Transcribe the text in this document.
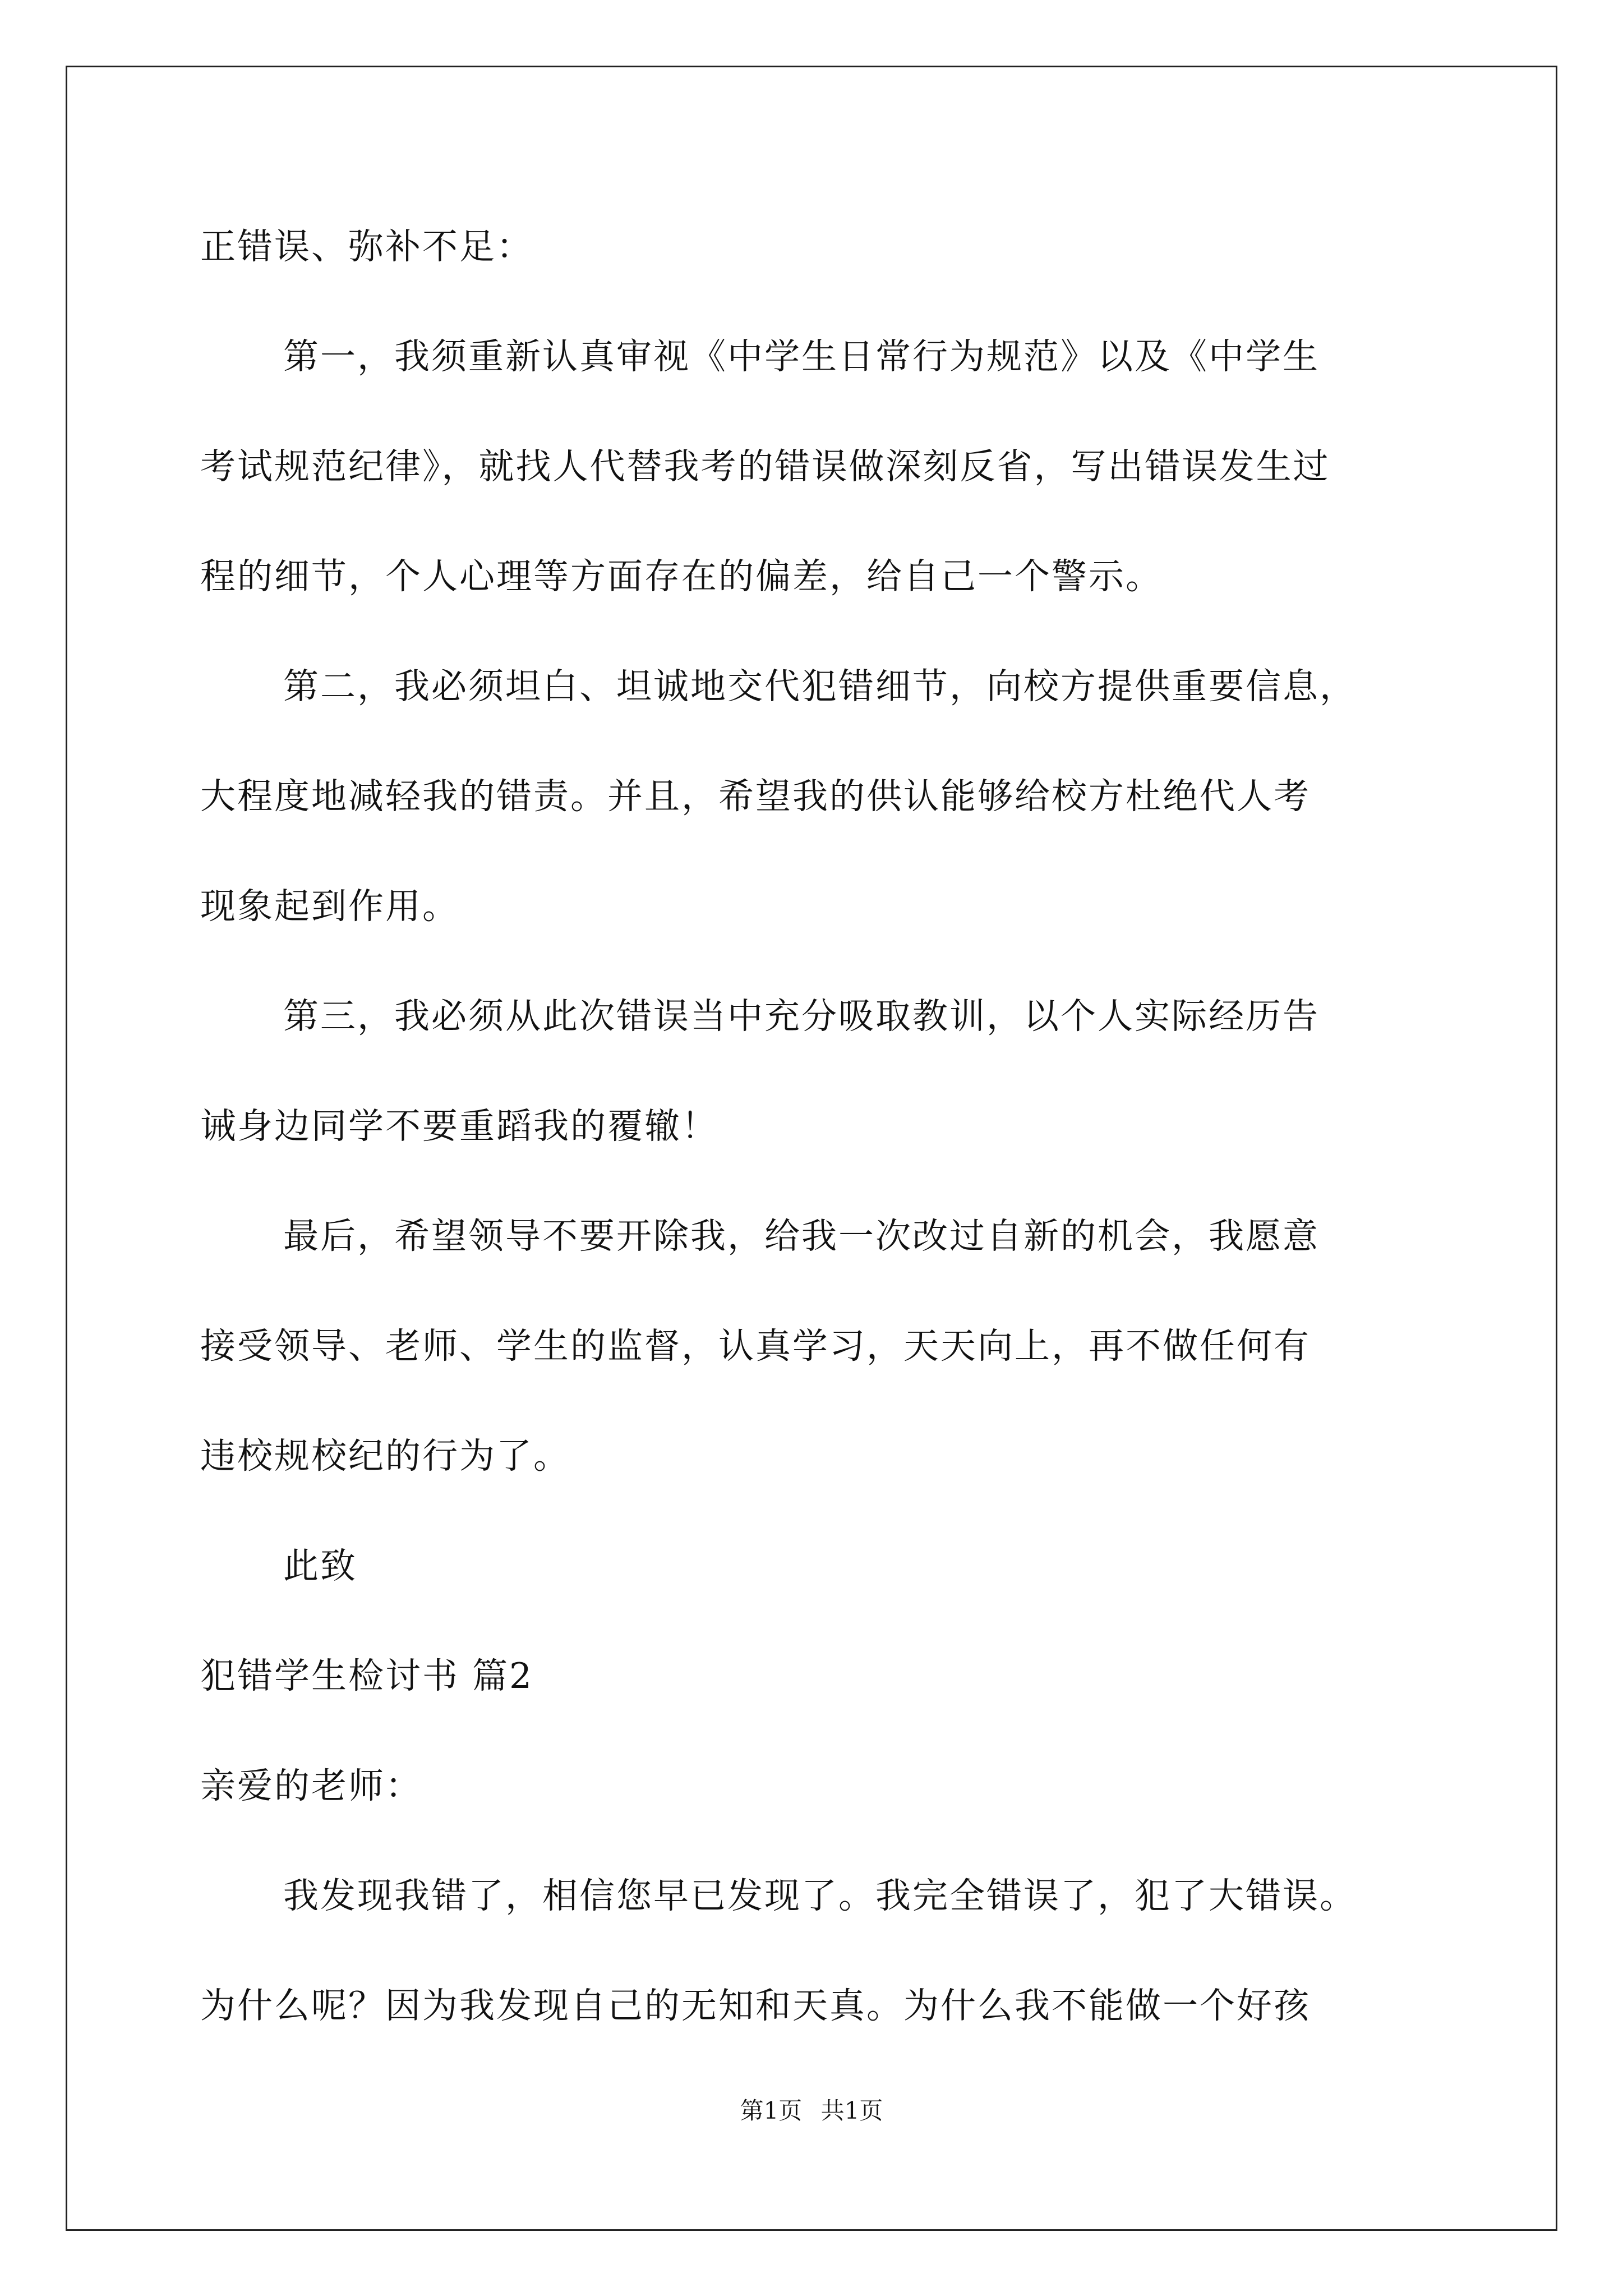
正错误、弥补不足：
第一，我须重新认真审视《中学生日常行为规范》以及《中学生
考试规范纪律》，就找人代替我考的错误做深刻反省，写出错误发生过
程的细节，个人心理等方面存在的偏差，给自己一个警示。
第二，我必须坦白、坦诚地交代犯错细节，向校方提供重要信息，
大程度地减轻我的错责。并且，希望我的供认能够给校方杜绝代人考
现象起到作用。
第三，我必须从此次错误当中充分吸取教训，以个人实际经历告
诫身边同学不要重蹈我的覆辙！
最后，希望领导不要开除我，给我一次改过自新的机会，我愿意
接受领导、老师、学生的监督，认真学习，天天向上，再不做任何有
违校规校纪的行为了。
此致
犯错学生检讨书 篇2
亲爱的老师：
我发现我错了，相信您早已发现了。我完全错误了，犯了大错误。
为什么呢？因为我发现自己的无知和天真。为什么我不能做一个好孩
第1页 共1页
